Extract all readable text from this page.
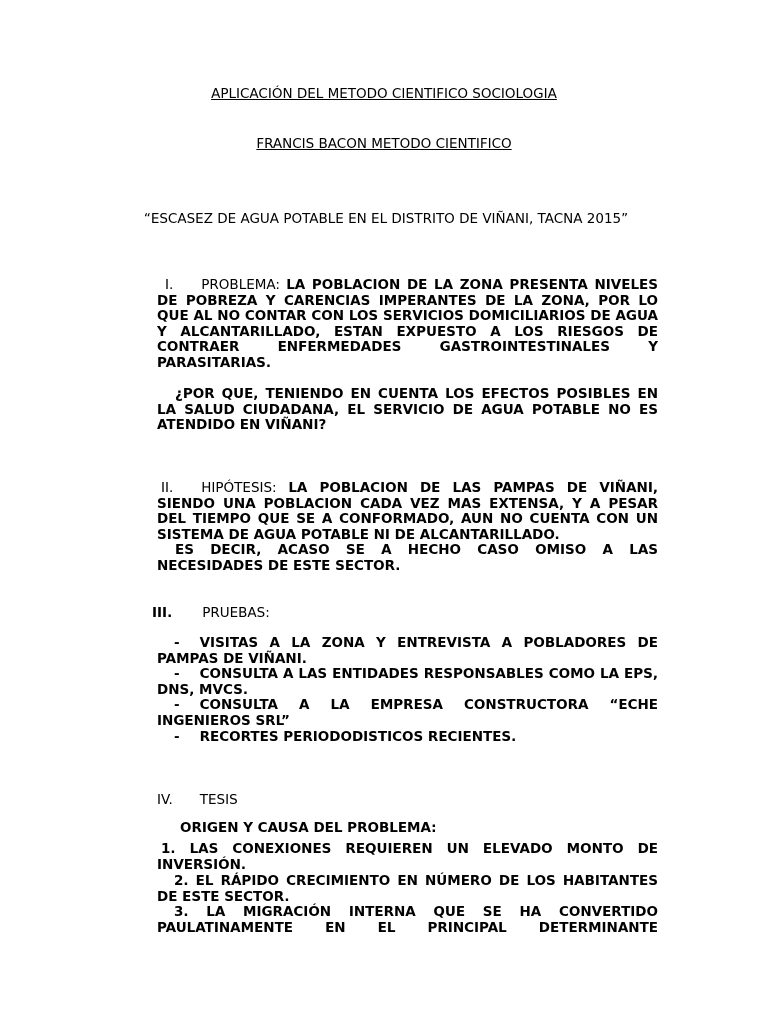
APLICACIÓN DEL METODO CIENTIFICO SOCIOLOGIA
FRANCIS BACON METODO CIENTIFICO
“ESCASEZ DE AGUA POTABLE EN EL DISTRITO DE VIÑANI, TACNA 2015”
I. PROBLEMA: LA POBLACION DE LA ZONA PRESENTA NIVELES DE POBREZA Y CARENCIAS IMPERANTES DE LA ZONA, POR LO QUE AL NO CONTAR CON LOS SERVICIOS DOMICILIARIOS DE AGUA Y ALCANTARILLADO, ESTAN EXPUESTO A LOS RIESGOS DE CONTRAER ENFERMEDADES GASTROINTESTINALES Y PARASITARIAS.
¿POR QUE, TENIENDO EN CUENTA LOS EFECTOS POSIBLES EN LA SALUD CIUDADANA, EL SERVICIO DE AGUA POTABLE NO ES ATENDIDO EN VIÑANI?
II. HIPÓTESIS: LA POBLACION DE LAS PAMPAS DE VIÑANI, SIENDO UNA POBLACION CADA VEZ MAS EXTENSA, Y A PESAR DEL TIEMPO QUE SE A CONFORMADO, AUN NO CUENTA CON UN SISTEMA DE AGUA POTABLE NI DE ALCANTARILLADO.
ES DECIR, ACASO SE A HECHO CASO OMISO A LAS NECESIDADES DE ESTE SECTOR.
III. PRUEBAS:
- VISITAS A LA ZONA Y ENTREVISTA A POBLADORES DE PAMPAS DE VIÑANI.
- CONSULTA A LAS ENTIDADES RESPONSABLES COMO LA EPS, DNS, MVCS.
- CONSULTA A LA EMPRESA CONSTRUCTORA “ECHE INGENIEROS SRL”
- RECORTES PERIODODISTICOS RECIENTES.
IV. TESIS
ORIGEN Y CAUSA DEL PROBLEMA:
1. LAS CONEXIONES REQUIEREN UN ELEVADO MONTO DE INVERSIÓN.
2. EL RÁPIDO CRECIMIENTO EN NÚMERO DE LOS HABITANTES DE ESTE SECTOR.
3. LA MIGRACIÓN INTERNA QUE SE HA CONVERTIDO PAULATINAMENTE EN EL PRINCIPAL DETERMINANTE
